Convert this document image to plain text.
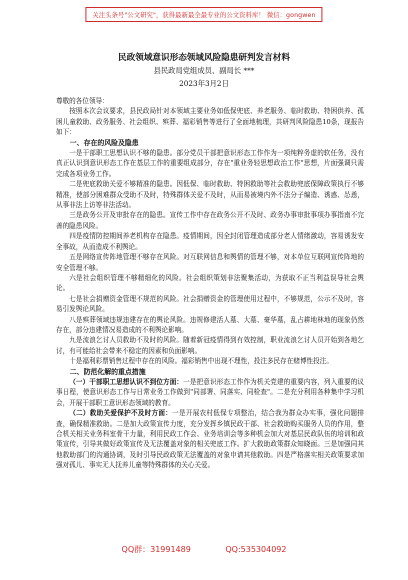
关注头条号"公文研究"，获得最新最全最专业的公文资料库！ 微信：gongwen
民政领域意识形态领域风险隐患研判发言材料
县民政局党组成员、副局长 ***
2023年3月2日

尊敬的各位领导：

按照本次会议要求，县民政局针对本领域主要业务如低保兜底、养老服务、临时救助、特困供养、孤困儿童救助、政务服务、社会组织、殡葬、福彩销售等进行了全面地梳理，共研判风险隐患10条，现报告如下：

一、存在的风险及隐患

一是干部职工思想认识不够的隐患。部分党员干部把意识形态工作作为一项纯粹务虚的软任务，没有真正认识到意识形态工作在基层工作的重要组成部分，存在"重业务轻思想政治工作"思想，片面强调只需完成各项业务工作。

二是兜底救助关爱不够精准的隐患。因低保、临时救助、特困救助等社会救助兜底保障政策执行不够精准，使部分困难群众受助不及时，特殊群体关爱不及时，从而易被境内外不法分子编造、诱惑、怂恿，从事非法上访等非法活动。

三是政务公开及审批存在的隐患。宣传工作中存在政务公开不及时、政务办事审批事项办事指南不完善的隐患风险。

四是疫情防控期间养老机构存在隐患。疫情期间，因全封闭管理造成部分老人情绪激动，容易诱发安全事故，从而造成不利舆论。

五是网络宣传阵地管理不够存在风险。对互联网信息和舆情的管理不够，对本单位互联网宣传阵地的安全管理不够。

六是社会组织管理不够精细化的风险。社会组织策划非法聚集活动，为获取不正当利益误导社会舆论。

七是社会捐赠资金管理不规范的风险。社会捐赠资金的管理使用过程中，不够规范，公示不及时，容易引发舆论风险。

八是殡葬领域违规违建存在的舆论风险。违规修建活人墓、大墓、豪华墓，乱占耕地林地的现象仍然存在，部分违建情况易造成的不利舆论影响。

九是流浪乞讨人员救助不及时的风险。随着新冠疫情得到有效控制，职业流浪乞讨人员开始到各地乞讨，有可能给社会带来不稳定的因素和负面影响。

十是福利彩票销售过程中存在的风险。福彩销售中出现不理性，投注多民存在赌博性投注。

二、防范化解的重点措施

（一）干部职工思想认识不到位方面：一是把意识形态工作作为机关党建的重要内容，列入重要的议事日程，使意识形态工作与日常业务工作做到"同部署、同落实、同检查"。二是充分利用各种集中学习机会，开展干部职工意识形态领域的教育。

（二）救助关爱保护不及时方面：一是开展农村低保专项整治，结合我为群众办实事，强化问题排查，确保精准救助。二是加大政策宣传力度，充分发挥乡镇民政干部、社会救助购买服务人员的作用，整合机关相关业务科室骨干力量，利用民政工作会、业务培训会等多种机会加大对基层民政队伍的培训和政策宣传，引导其做好政策宣传及无法覆盖对象的相关兜底工作。扩大救助政策群众知晓面。三是加强同其他救助部门的沟通协调，及时引导民政政策无法覆盖的对象申请其他救助。四是严格落实相关政策要求加强对孤儿、事实无人抚养儿童等特殊群体的关心关爱。

QQ群：31991489	QQ:535304092
